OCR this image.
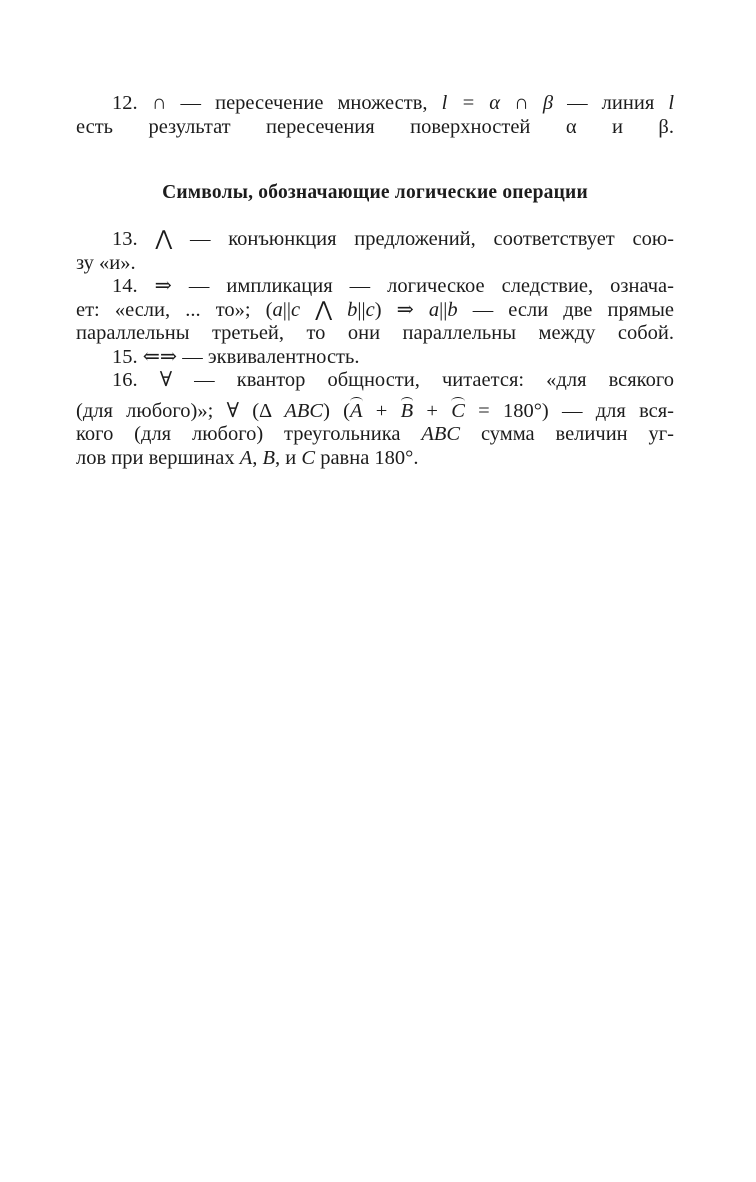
12. ∩ — пересечение множеств, l = α ∩ β — линия l
есть результат пересечения поверхностей α и β.
Символы, обозначающие логические операции
13. ⋀ — конъюнкция предложений, соответствует сою-
зу «и».
14. ⇒ — импликация — логическое следствие, означа-
ет: «если, ... то»; (a||c ⋀ b||c) ⇒ a||b — если две прямые
параллельны третьей, то они параллельны между собой.
15. ⇐⇒ — эквивалентность.
16. ∀ — квантор общности, читается: «для всякого
(для любого)»; ∀ (Δ ABC) (A + B + C = 180°) — для вся-
кого (для любого) треугольника ABC сумма величин уг-
лов при вершинах A, B, и C равна 180°.
